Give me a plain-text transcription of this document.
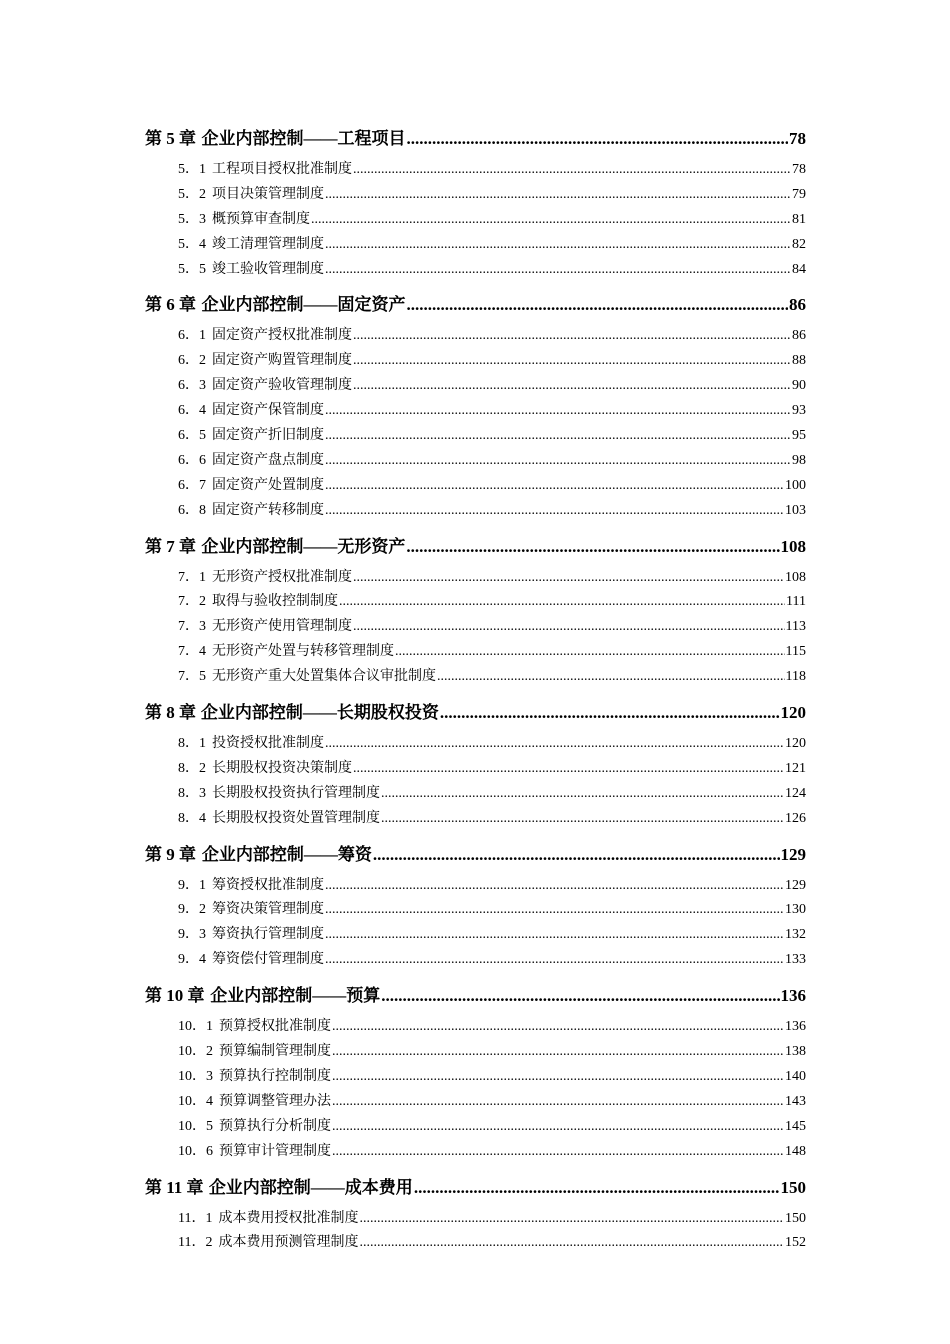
第 5 章 企业内部控制——工程项目 .....	78
5．1 工程项目授权批准制度 .....	78
5．2 项目决策管理制度 .....	79
5．3 概预算审查制度 .....	81
5．4 竣工清理管理制度 .....	82
5．5 竣工验收管理制度 .....	84
第 6 章 企业内部控制——固定资产 .....	86
6．1 固定资产授权批准制度 .....	86
6．2 固定资产购置管理制度 .....	88
6．3 固定资产验收管理制度 .....	90
6．4 固定资产保管制度 .....	93
6．5 固定资产折旧制度 .....	95
6．6 固定资产盘点制度 .....	98
6．7 固定资产处置制度 .....	100
6．8 固定资产转移制度 .....	103
第 7 章 企业内部控制——无形资产 .....	108
7．1 无形资产授权批准制度 .....	108
7．2 取得与验收控制制度 .....	111
7．3 无形资产使用管理制度 .....	113
7．4 无形资产处置与转移管理制度 .....	115
7．5 无形资产重大处置集体合议审批制度 .....	118
第 8 章 企业内部控制——长期股权投资 .....	120
8．1 投资授权批准制度 .....	120
8．2 长期股权投资决策制度 .....	121
8．3 长期股权投资执行管理制度 .....	124
8．4 长期股权投资处置管理制度 .....	126
第 9 章 企业内部控制——筹资 .....	129
9．1 筹资授权批准制度 .....	129
9．2 筹资决策管理制度 .....	130
9．3 筹资执行管理制度 .....	132
9．4 筹资偿付管理制度 .....	133
第 10 章 企业内部控制——预算 .....	136
10．1 预算授权批准制度 .....	136
10．2 预算编制管理制度 .....	138
10．3 预算执行控制制度 .....	140
10．4 预算调整管理办法 .....	143
10．5 预算执行分析制度 .....	145
10．6 预算审计管理制度 .....	148
第 11 章 企业内部控制——成本费用 .....	150
11．1 成本费用授权批准制度 .....	150
11．2 成本费用预测管理制度 .....	152
